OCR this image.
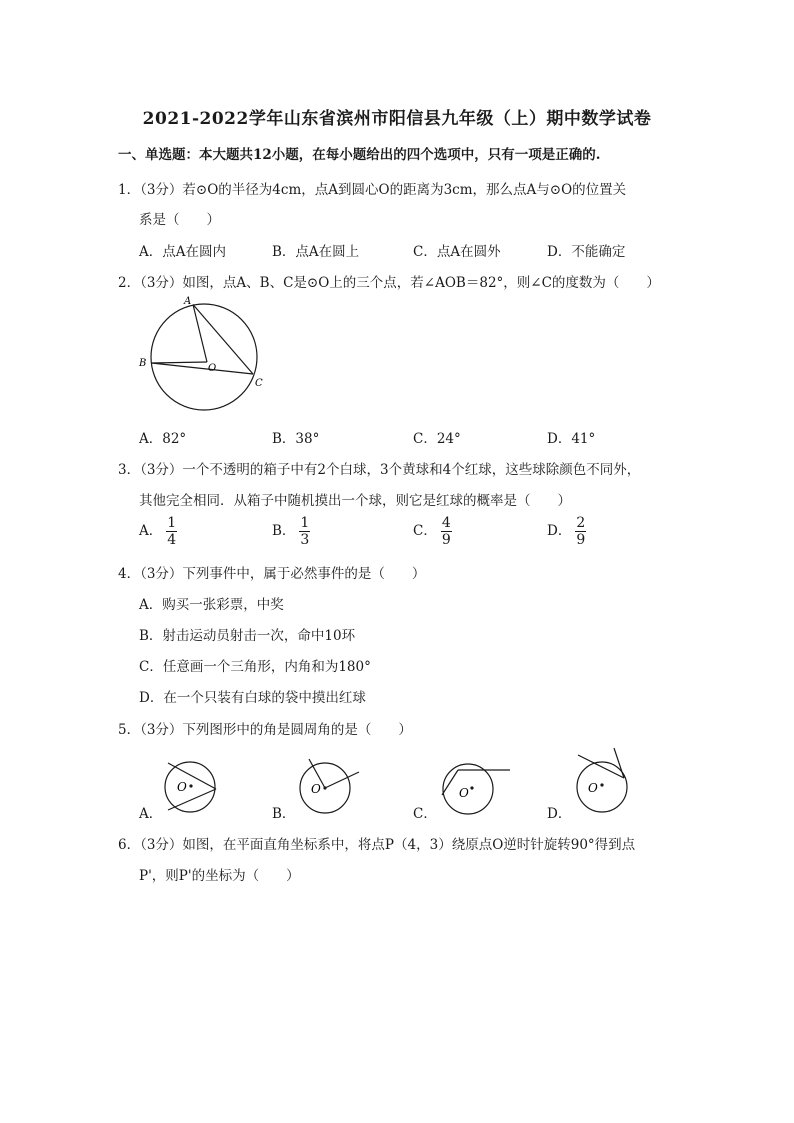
2021-2022学年山东省滨州市阳信县九年级（上）期中数学试卷
一、单选题：本大题共12小题，在每小题给出的四个选项中，只有一项是正确的.
1．（3分）若⊙O的半径为4cm，点A到圆心O的距离为3cm，那么点A与⊙O的位置关
系是（　　）
A．点A在圆内	B．点A在圆上	C．点A在圆外	D．不能确定
2．（3分）如图，点A、B、C是⊙O上的三个点，若∠AOB＝82°，则∠C的度数为（　　）
A
B
C
O
A．82°	B．38°	C．24°	D．41°
3．（3分）一个不透明的箱子中有2个白球，3个黄球和4个红球，这些球除颜色不同外，
其他完全相同．从箱子中随机摸出一个球，则它是红球的概率是（　　）
A． $\frac{1}{4}$	B． $\frac{1}{3}$	C． $\frac{4}{9}$	D． $\frac{2}{9}$
4．（3分）下列事件中，属于必然事件的是（　　）
A．购买一张彩票，中奖
B．射击运动员射击一次，命中10环
C．任意画一个三角形，内角和为180°
D．在一个只装有白球的袋中摸出红球
5．（3分）下列图形中的角是圆周角的是（　　）
A．
O
B．
O
C．
O
D．
O
6．（3分）如图，在平面直角坐标系中，将点P（4，3）绕原点O逆时针旋转90°得到点
P'，则P'的坐标为（　　）
